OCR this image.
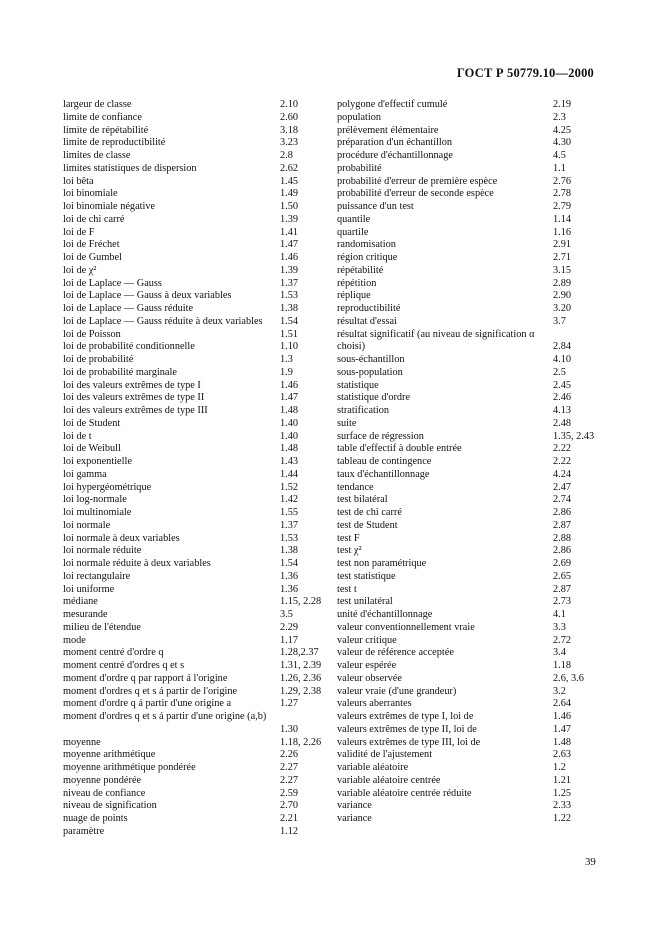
ГОСТ Р 50779.10—2000
largeur de classe	2.10
limite de confiance	2.60
limite de répétabilité	3.18
limite de reproductibilité	3.23
limites de classe	2.8
limites statistiques de dispersion	2.62
loi bêta	1.45
loi binomiale	1.49
loi binomiale négative	1.50
loi de chi carré	1.39
loi de F	1.41
loi de Fréchet	1.47
loi de Gumbel	1.46
loi de χ²	1.39
loi de Laplace — Gauss	1.37
loi de Laplace — Gauss à deux variables	1.53
loi de Laplace — Gauss réduite	1.38
loi de Laplace — Gauss réduite à deux variables 1.54
loi de Poisson	1.51
loi de probabilité conditionnelle	1.10
loi de probabilité	1.3
loi de probabilité marginale	1.9
loi des valeurs extrêmes de type I	1.46
loi des valeurs extrêmes de type II	1.47
loi des valeurs extrêmes de type III	1.48
loi de Student	1.40
loi de t	1.40
loi de Weibull	1.48
loi exponentielle	1.43
loi gamma	1.44
loi hypergéométrique	1.52
loi log-normale	1.42
loi multinomiale	1.55
loi normale	1.37
loi normale à deux variables	1.53
loi normale réduite	1.38
loi normale réduite à deux variables	1.54
loi rectangulaire	1.36
loi uniforme	1.36
médiane	1.15, 2.28
mesurande	3.5
milieu de l'étendue	2.29
mode	1.17
moment centré d'ordre q	1.28,2.37
moment centré d'ordres q et s	1.31, 2.39
moment d'ordre q par rapport á l'origine	1.26, 2.36
moment d'ordres q et s á partir de l'origine	1.29, 2.38
moment d'ordre q á partir d'une origine a	1.27
moment d'ordres q et s á partir d'une origine (a,b)
1.30
moyenne	1.18, 2.26
moyenne arithmétique	2.26
moyenne arithmétique pondérée	2.27
moyenne pondérée	2.27
niveau de confiance	2.59
niveau de signification	2.70
nuage de points	2.21
paramètre	1.12
polygone d'effectif cumulé	2.19
population	2.3
prélèvement élémentaire	4.25
préparation d'un échantillon	4.30
procédure d'échantillonnage	4.5
probabilité	1.1
probabilité d'erreur de première espèce	2.76
probabilité d'erreur de seconde espèce	2.78
puissance d'un test	2.79
quantile	1.14
quartile	1.16
randomisation	2.91
région critique	2.71
répétabilité	3.15
répétition	2.89
réplique	2.90
reproductibilité	3.20
résultat d'essai	3.7
résultat significatif (au niveau de signification α choisi)	2.84
sous-échantillon	4.10
sous-population	2.5
statistique	2.45
statistique d'ordre	2.46
stratification	4.13
suite	2.48
surface de régression	1.35, 2.43
table d'effectif à double entrée	2.22
tableau de contingence	2.22
taux d'échantillonnage	4.24
tendance	2.47
test bilatéral	2.74
test de chi carré	2.86
test de Student	2.87
test F	2.88
test χ²	2.86
test non paramétrique	2.69
test statistique	2.65
test t	2.87
test unilatéral	2.73
unité d'échantillonnage	4.1
valeur conventionnellement vraie	3.3
valeur critique	2.72
valeur de référence acceptée	3.4
valeur espérée	1.18
valeur observée	2.6, 3.6
valeur vraie (d'une grandeur)	3.2
valeurs aberrantes	2.64
valeurs extrêmes de type I, loi de	1.46
valeurs extrêmes de type II, loi de	1.47
valeurs extrêmes de type III, loi de	1.48
validité de l'ajustement	2.63
variable aléatoire	1.2
variable aléatoire centrée	1.21
variable aléatoire centrée réduite	1.25
variance	2.33
variance	1.22
39
